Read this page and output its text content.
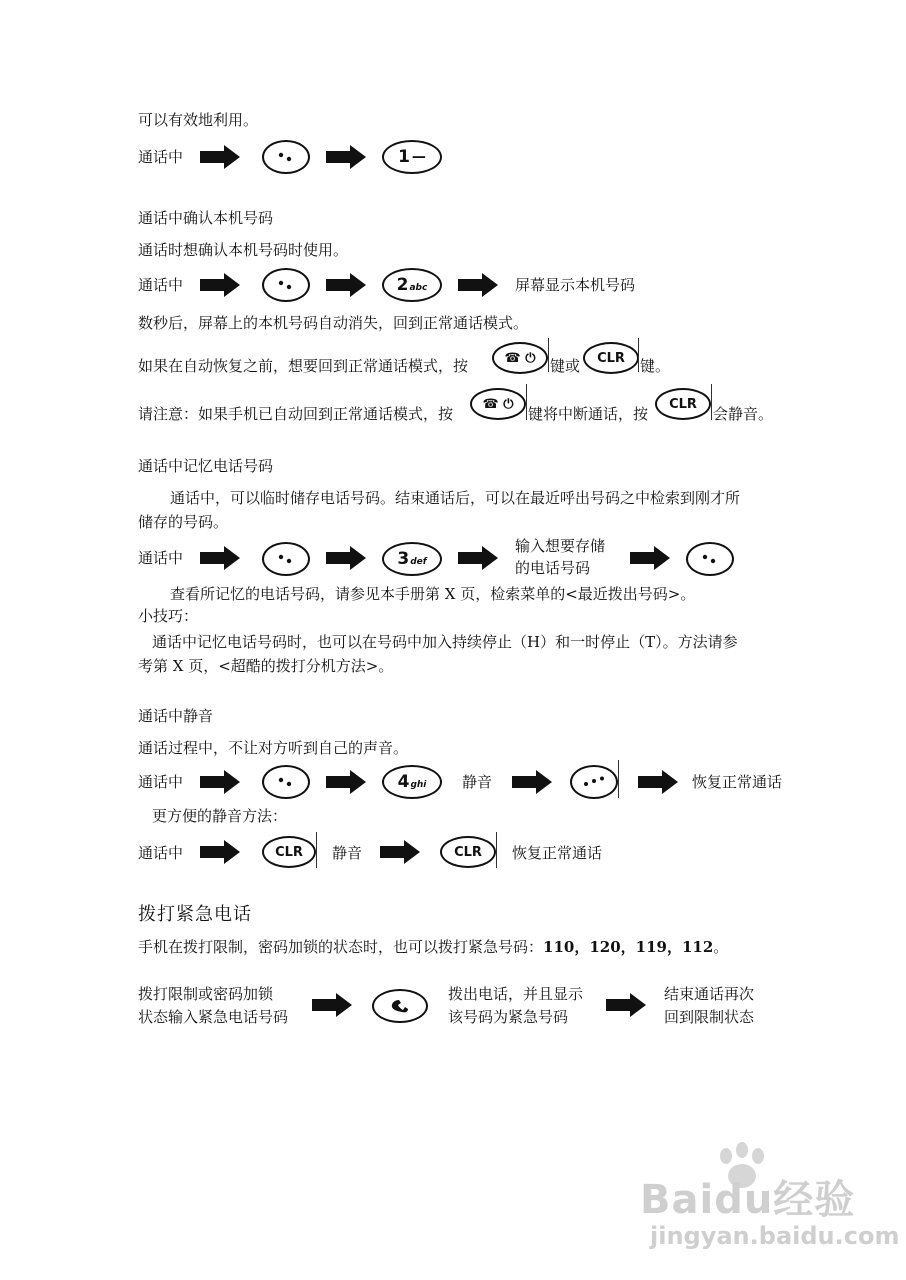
可以有效地利用。
通话中	1 —
通话中确认本机号码
通话时想确认本机号码时使用。
通话中	2 abc	屏幕显示本机号码
数秒后，屏幕上的本机号码自动消失，回到正常通话模式。
如果在自动恢复之前，想要回到正常通话模式，按	☎ ⏻ 键或 CLR 键。
请注意：如果手机已自动回到正常通话模式，按
☎ ⏻
键将中断通话，按
CLR
会静音。
通话中记忆电话号码
通话中，可以临时储存电话号码。结束通话后，可以在最近呼出号码之中检索到刚才所
储存的号码。
通话中	3 def
输入想要存储
的电话号码
查看所记忆的电话号码，请参见本手册第 X 页，检索菜单的<最近拨出号码>。
小技巧：
通话中记忆电话号码时，也可以在号码中加入持续停止（H）和一时停止（T）。方法请参
考第 X 页，<超酷的拨打分机方法>。
通话中静音
通话过程中，不让对方听到自己的声音。
通话中	4 ghi 静音	恢复正常通话
更方便的静音方法：
通话中	CLR 静音	CLR 恢复正常通话
拨打紧急电话
手机在拨打限制，密码加锁的状态时，也可以拨打紧急号码：110，120，119，112。
拨打限制或密码加锁
状态输入紧急电话号码
拨出电话，并且显示
该号码为紧急号码
结束通话再次
回到限制状态
Baidu经验
jingyan.baidu.com
